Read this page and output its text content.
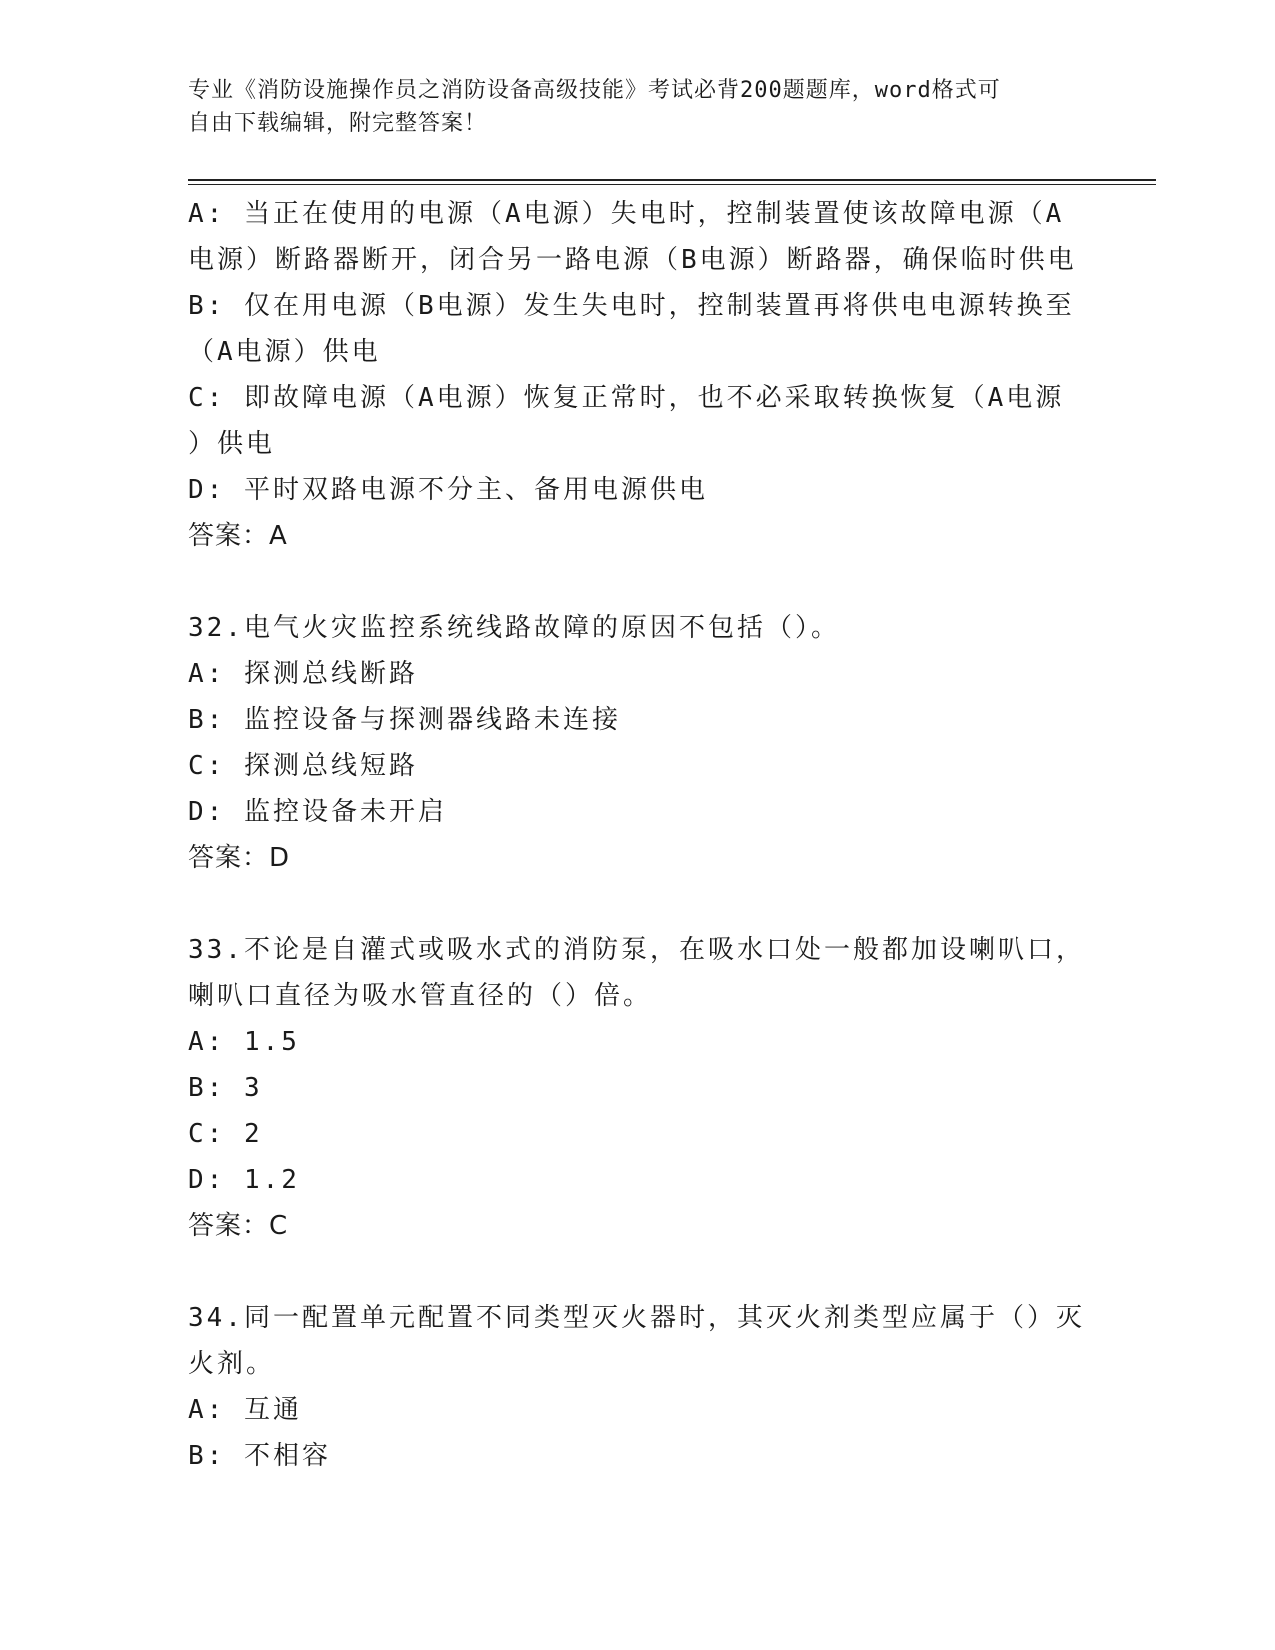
专业《消防设施操作员之消防设备高级技能》考试必背200题题库，word格式可
自由下载编辑，附完整答案！
A: 当正在使用的电源（A电源）失电时，控制装置使该故障电源（A
电源）断路器断开，闭合另一路电源（B电源）断路器，确保临时供电
B: 仅在用电源（B电源）发生失电时，控制装置再将供电电源转换至
（A电源）供电
C: 即故障电源（A电源）恢复正常时，也不必采取转换恢复（A电源
）供电
D: 平时双路电源不分主、备用电源供电
答案：A
32.电气火灾监控系统线路故障的原因不包括（）。
A: 探测总线断路
B: 监控设备与探测器线路未连接
C: 探测总线短路
D: 监控设备未开启
答案：D
33.不论是自灌式或吸水式的消防泵，在吸水口处一般都加设喇叭口，
喇叭口直径为吸水管直径的（）倍。
A: 1.5
B: 3
C: 2
D: 1.2
答案：C
34.同一配置单元配置不同类型灭火器时，其灭火剂类型应属于（）灭
火剂。
A: 互通
B: 不相容
